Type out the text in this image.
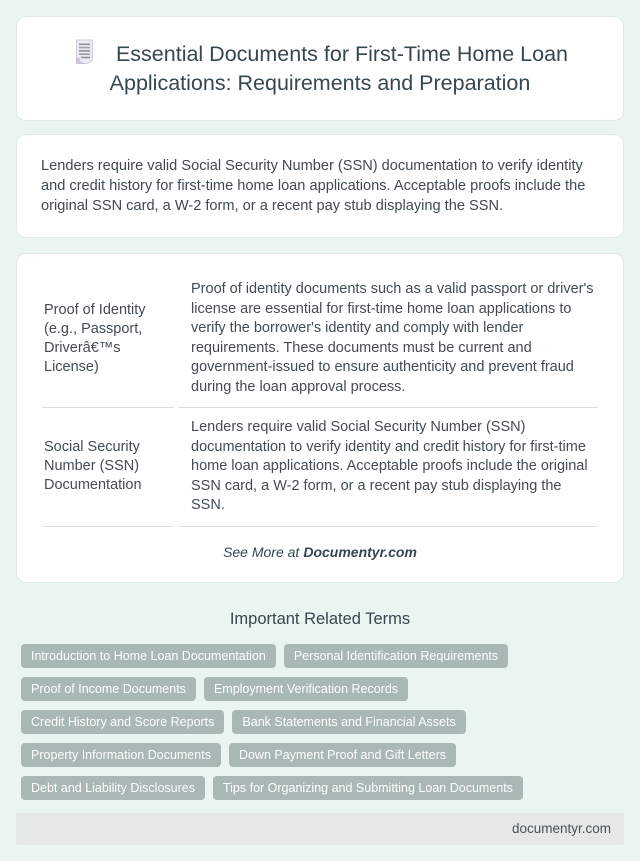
Essential Documents for First-Time Home Loan Applications: Requirements and Preparation

Lenders require valid Social Security Number (SSN) documentation to verify identity and credit history for first-time home loan applications. Acceptable proofs include the original SSN card, a W-2 form, or a recent pay stub displaying the SSN.

Proof of Identity (e.g., Passport, Driverâ€™s License)	Proof of identity documents such as a valid passport or driver's license are essential for first-time home loan applications to verify the borrower's identity and comply with lender requirements. These documents must be current and government-issued to ensure authenticity and prevent fraud during the loan approval process.
Social Security Number (SSN) Documentation	Lenders require valid Social Security Number (SSN) documentation to verify identity and credit history for first-time home loan applications. Acceptable proofs include the original SSN card, a W-2 form, or a recent pay stub displaying the SSN.

See More at Documentyr.com

Important Related Terms
Introduction to Home Loan Documentation	Personal Identification Requirements
Proof of Income Documents	Employment Verification Records
Credit History and Score Reports	Bank Statements and Financial Assets
Property Information Documents	Down Payment Proof and Gift Letters
Debt and Liability Disclosures	Tips for Organizing and Submitting Loan Documents
documentyr.com
